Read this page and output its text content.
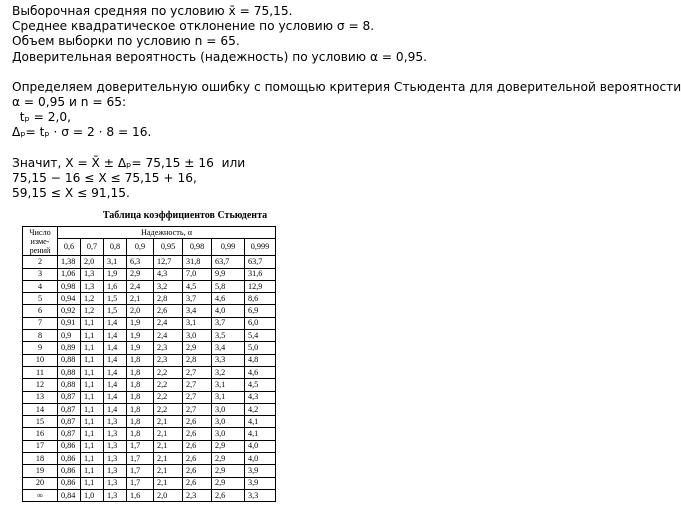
Выборочная средняя по условию x̄ = 75,15.
Среднее квадратическое отклонение по условию σ = 8.
Объем выборки по условию n = 65.
Доверительная вероятность (надежность) по условию α = 0,95.
Определяем доверительную ошибку с помощью критерия Стьюдента для доверительной вероятности
α = 0,95 и n = 65:
tₚ = 2,0,
Δₚ= tₚ · σ = 2 · 8 = 16.
Значит, X = X̄ ± Δₚ= 75,15 ± 16  или
75,15 − 16 ≤ X ≤ 75,15 + 16,
59,15 ≤ X ≤ 91,15.
Таблица коэффициентов Стьюдента
Число
изме-
рений	Надежность, α							
	0,6	0,7	0,8	0,9	0,95	0,98	0,99	0,999
2	1,38	2,0	3,1	6,3	12,7	31,8	63,7	63,7
3	1,06	1,3	1,9	2,9	4,3	7,0	9,9	31,6
4	0,98	1,3	1,6	2,4	3,2	4,5	5,8	12,9
5	0,94	1,2	1,5	2,1	2,8	3,7	4,6	8,6
6	0,92	1,2	1,5	2,0	2,6	3,4	4,0	6,9
7	0,91	1,1	1,4	1,9	2,4	3,1	3,7	6,0
8	0,9	1,1	1,4	1,9	2,4	3,0	3,5	5,4
9	0,89	1,1	1,4	1,9	2,3	2,9	3,4	5,0
10	0,88	1,1	1,4	1,8	2,3	2,8	3,3	4,8
11	0,88	1,1	1,4	1,8	2,2	2,7	3,2	4,6
12	0,88	1,1	1,4	1,8	2,2	2,7	3,1	4,5
13	0,87	1,1	1,4	1,8	2,2	2,7	3,1	4,3
14	0,87	1,1	1,4	1,8	2,2	2,7	3,0	4,2
15	0,87	1,1	1,3	1,8	2,1	2,6	3,0	4,1
16	0,87	1,1	1,3	1,8	2,1	2,6	3,0	4,1
17	0,86	1,1	1,3	1,7	2,1	2,6	2,9	4,0
18	0,86	1,1	1,3	1,7	2,1	2,6	2,9	4,0
19	0,86	1,1	1,3	1,7	2,1	2,6	2,9	3,9
20	0,86	1,1	1,3	1,7	2,1	2,6	2,9	3,9
∞	0,84	1,0	1,3	1,6	2,0	2,3	2,6	3,3
